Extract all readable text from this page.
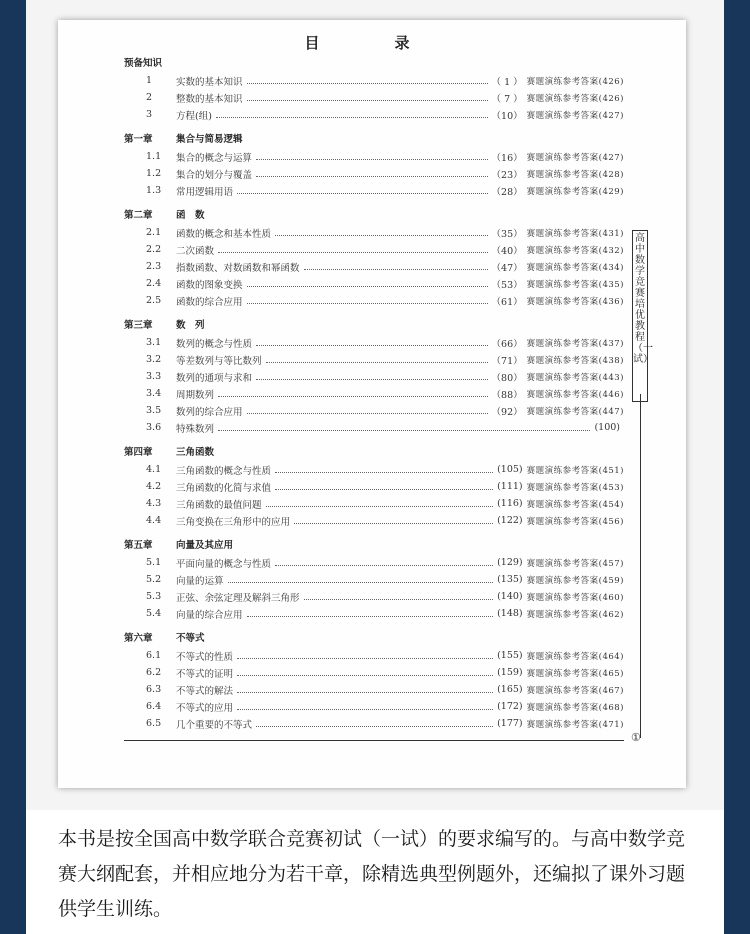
目　录
预备知识
1	实数的基本知识	（ 1 ） 赛题演练参考答案(426)
2	整数的基本知识	（ 7 ） 赛题演练参考答案(426)
3	方程(组)	（10） 赛题演练参考答案(427)
第一章 集合与简易逻辑
1.1	集合的概念与运算	（16） 赛题演练参考答案(427)
1.2	集合的划分与覆盖	（23） 赛题演练参考答案(428)
1.3	常用逻辑用语	（28） 赛题演练参考答案(429)
第二章 函　数
2.1	函数的概念和基本性质	（35） 赛题演练参考答案(431)
2.2	二次函数	（40） 赛题演练参考答案(432)
2.3	指数函数、对数函数和幂函数	（47） 赛题演练参考答案(434)
2.4	函数的图象变换	（53） 赛题演练参考答案(435)
2.5	函数的综合应用	（61） 赛题演练参考答案(436)
第三章 数　列
3.1	数列的概念与性质	（66） 赛题演练参考答案(437)
3.2	等差数列与等比数列	（71） 赛题演练参考答案(438)
3.3	数列的通项与求和	（80） 赛题演练参考答案(443)
3.4	周期数列	（88） 赛题演练参考答案(446)
3.5	数列的综合应用	（92） 赛题演练参考答案(447)
3.6	特殊数列	(100)
第四章 三角函数
4.1	三角函数的概念与性质	(105) 赛题演练参考答案(451)
4.2	三角函数的化简与求值	(111) 赛题演练参考答案(453)
4.3	三角函数的最值问题	(116) 赛题演练参考答案(454)
4.4	三角变换在三角形中的应用	(122) 赛题演练参考答案(456)
第五章 向量及其应用
5.1	平面向量的概念与性质	(129) 赛题演练参考答案(457)
5.2	向量的运算	(135) 赛题演练参考答案(459)
5.3	正弦、余弦定理及解斜三角形	(140) 赛题演练参考答案(460)
5.4	向量的综合应用	(148) 赛题演练参考答案(462)
第六章 不等式
6.1	不等式的性质	(155) 赛题演练参考答案(464)
6.2	不等式的证明	(159) 赛题演练参考答案(465)
6.3	不等式的解法	(165) 赛题演练参考答案(467)
6.4	不等式的应用	(172) 赛题演练参考答案(468)
6.5	几个重要的不等式	(177) 赛题演练参考答案(471)
高中数学竞赛培优教程（一试）
①
本书是按全国高中数学联合竞赛初试（一试）的要求编写的。与高中数学竞赛大纲配套，并相应地分为若干章，除精选典型例题外，还编拟了课外习题供学生训练。
